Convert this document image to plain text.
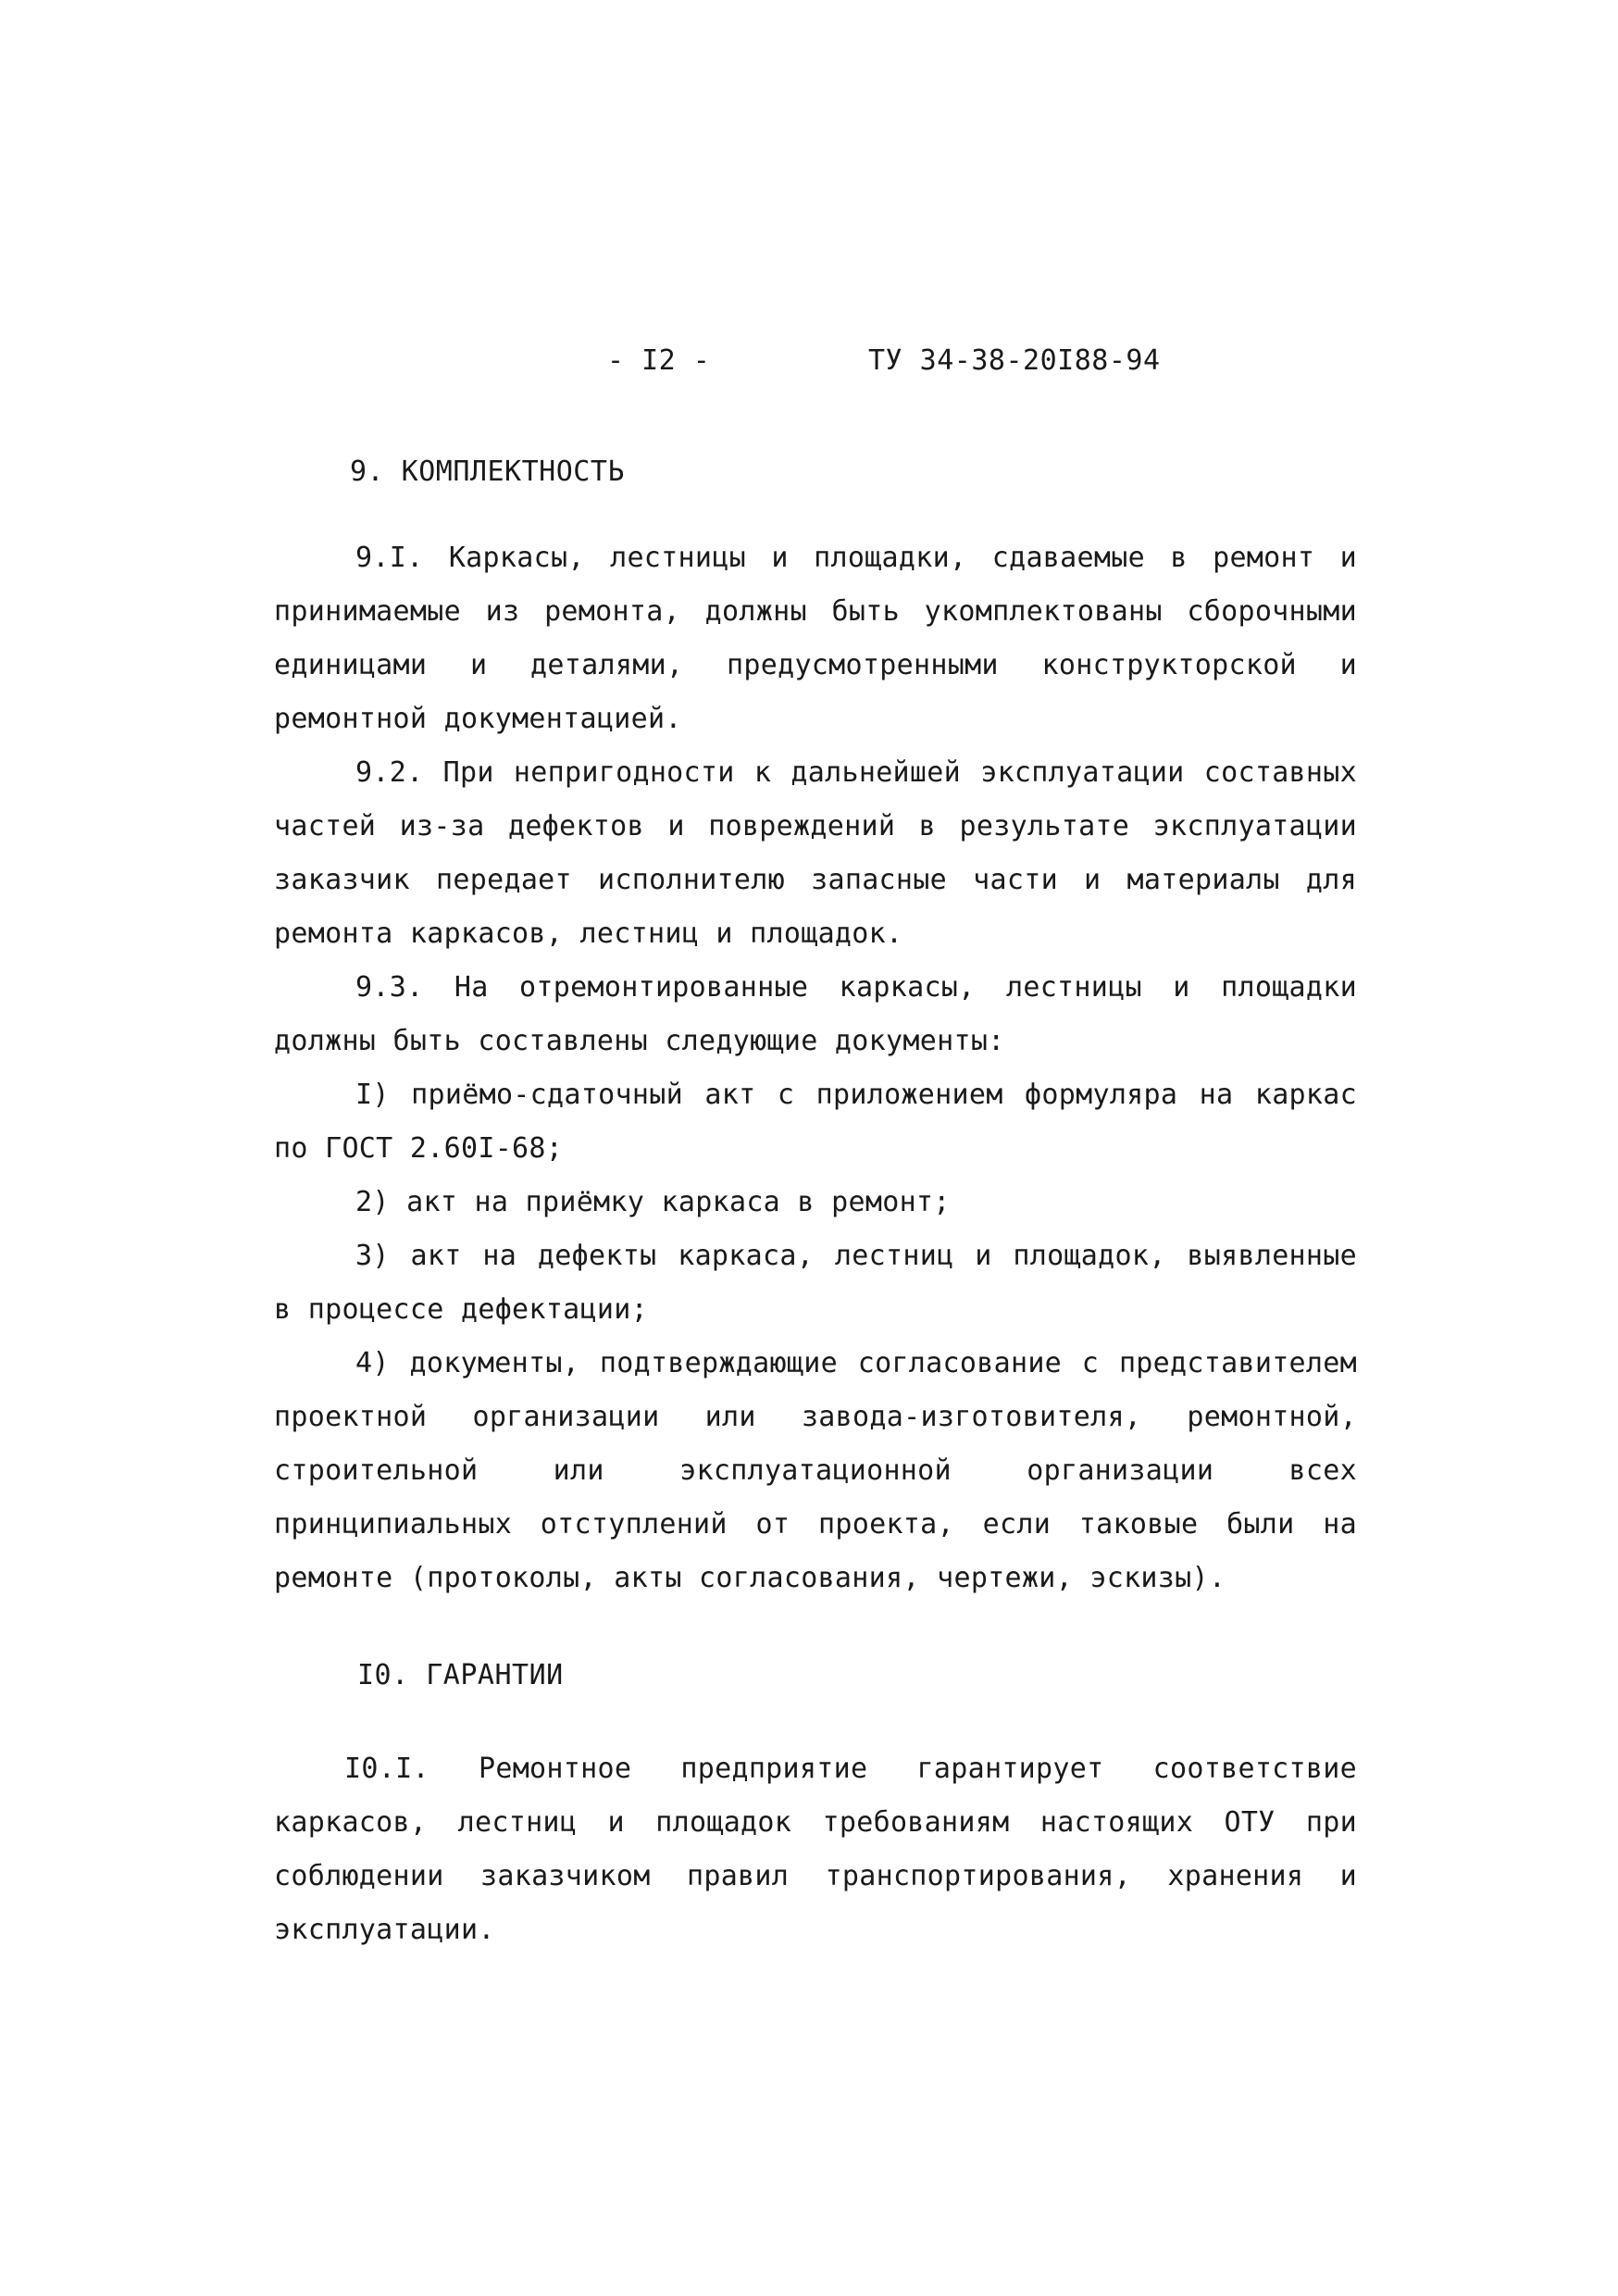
- I2 -	ТУ 34-38-20I88-94
9. КОМПЛЕКТНОСТЬ

9.I. Каркасы, лестницы и площадки, сдаваемые в ремонт и принимаемые из ремонта, должны быть укомплектованы сборочными единицами и деталями, предусмотренными конструкторской и ремонтной документацией.

9.2. При непригодности к дальнейшей эксплуатации составных частей из-за дефектов и повреждений в результате эксплуатации заказчик передает исполнителю запасные части и материалы для ремонта каркасов, лестниц и площадок.

9.3. На отремонтированные каркасы, лестницы и площадки должны быть составлены следующие документы:

I) приёмо-сдаточный акт с приложением формуляра на каркас по ГОСТ 2.60I-68;

2) акт на приёмку каркаса в ремонт;

3) акт на дефекты каркаса, лестниц и площадок, выявленные в процессе дефектации;

4) документы, подтверждающие согласование с представителем проектной организации или завода-изготовителя, ремонтной, строительной или эксплуатационной организации всех принципиальных отступлений от проекта, если таковые были на ремонте (протоколы, акты согласования, чертежи, эскизы).

I0. ГАРАНТИИ

I0.I. Ремонтное предприятие гарантирует соответствие каркасов, лестниц и площадок требованиям настоящих ОТУ при соблюдении заказчиком правил транспортирования, хранения и эксплуатации.
